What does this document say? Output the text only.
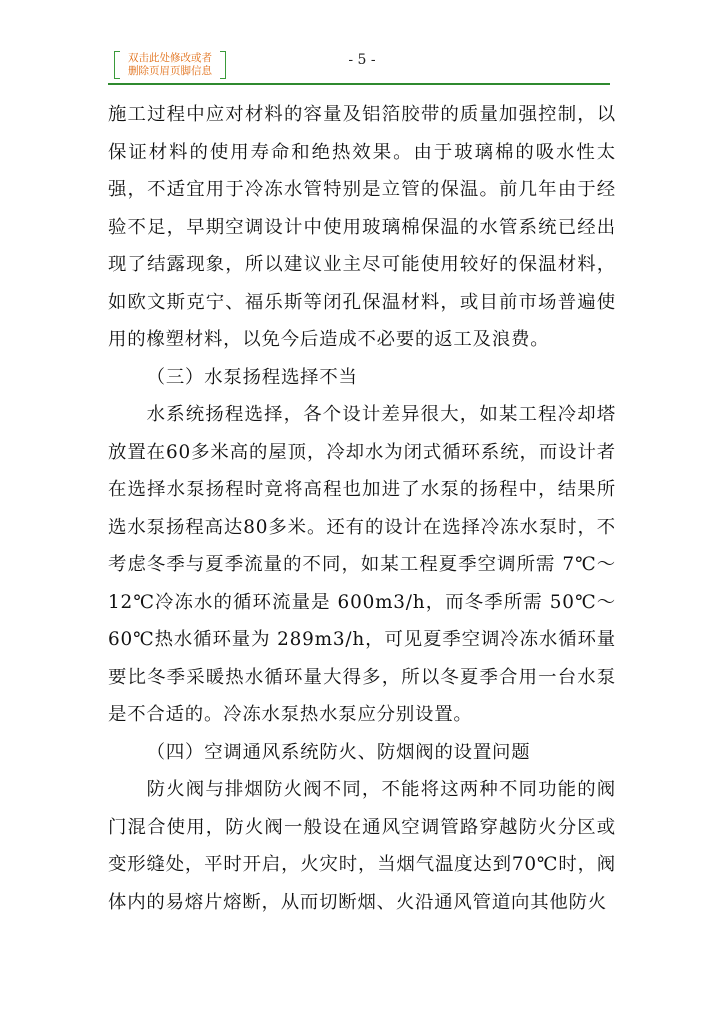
双击此处修改或者
删除页眉页脚信息
- 5 -

施工过程中应对材料的容量及铝箔胶带的质量加强控制，以保证材料的使用寿命和绝热效果。由于玻璃棉的吸水性太强，不适宜用于冷冻水管特别是立管的保温。前几年由于经验不足，早期空调设计中使用玻璃棉保温的水管系统已经出现了结露现象，所以建议业主尽可能使用较好的保温材料，如欧文斯克宁、福乐斯等闭孔保温材料，或目前市场普遍使用的橡塑材料，以免今后造成不必要的返工及浪费。

（三）水泵扬程选择不当

水系统扬程选择，各个设计差异很大，如某工程冷却塔放置在60多米高的屋顶，冷却水为闭式循环系统，而设计者在选择水泵扬程时竟将高程也加进了水泵的扬程中，结果所选水泵扬程高达80多米。还有的设计在选择冷冻水泵时，不考虑冬季与夏季流量的不同，如某工程夏季空调所需 7℃～12℃冷冻水的循环流量是 600m3/h，而冬季所需 50℃～60℃热水循环量为 289m3/h，可见夏季空调冷冻水循环量要比冬季采暖热水循环量大得多，所以冬夏季合用一台水泵是不合适的。冷冻水泵热水泵应分别设置。

（四）空调通风系统防火、防烟阀的设置问题

防火阀与排烟防火阀不同，不能将这两种不同功能的阀门混合使用，防火阀一般设在通风空调管路穿越防火分区或变形缝处，平时开启，火灾时，当烟气温度达到70℃时，阀体内的易熔片熔断，从而切断烟、火沿通风管道向其他防火
